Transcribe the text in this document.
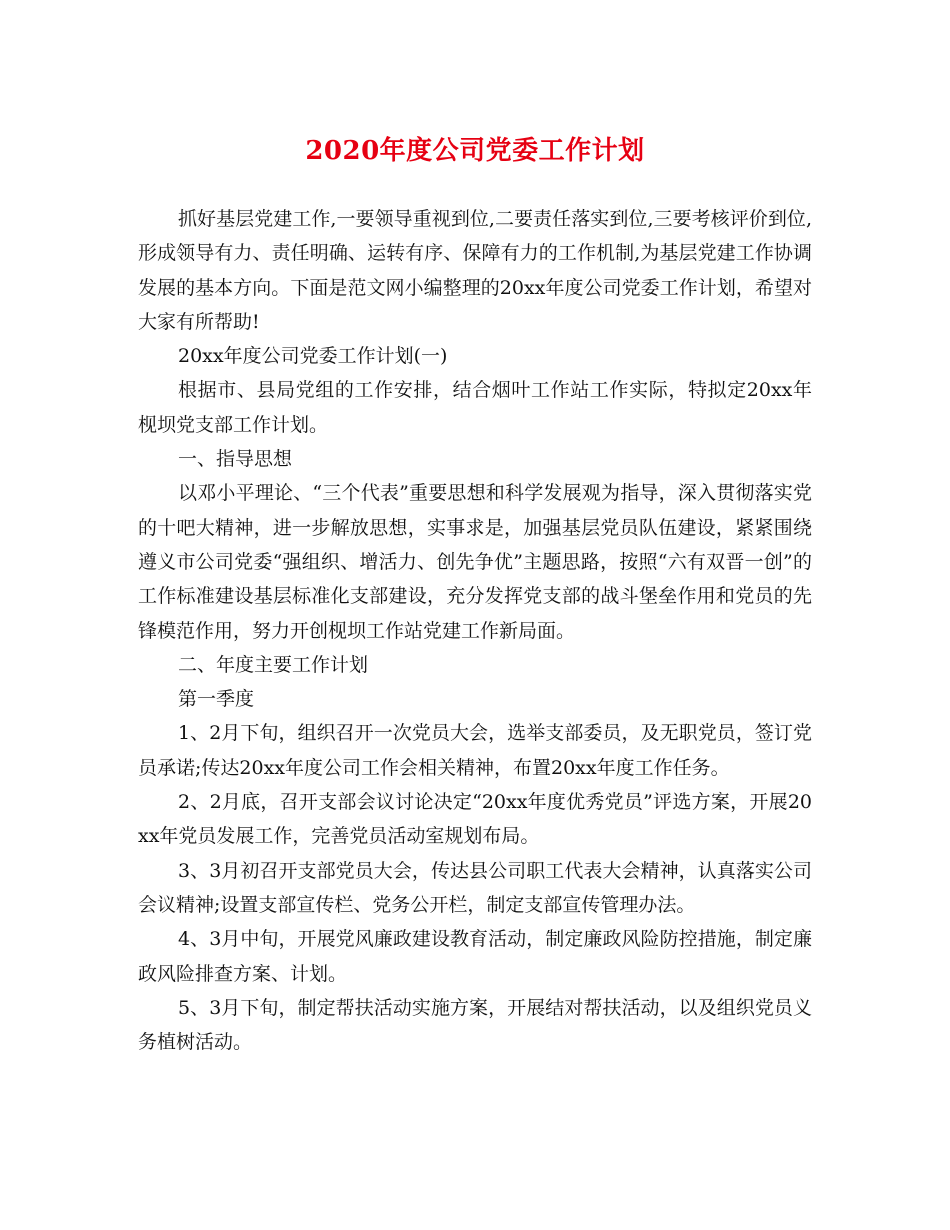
2020年度公司党委工作计划

抓好基层党建工作,一要领导重视到位,二要责任落实到位,三要考核评价到位,形成领导有力、责任明确、运转有序、保障有力的工作机制,为基层党建工作协调发展的基本方向。下面是范文网小编整理的20xx年度公司党委工作计划，希望对大家有所帮助!

20xx年度公司党委工作计划(一)

根据市、县局党组的工作安排，结合烟叶工作站工作实际，特拟定20xx年枧坝党支部工作计划。

一、指导思想

以邓小平理论、“三个代表”重要思想和科学发展观为指导，深入贯彻落实党的十吧大精神，进一步解放思想，实事求是，加强基层党员队伍建设，紧紧围绕遵义市公司党委“强组织、增活力、创先争优”主题思路，按照“六有双晋一创”的工作标准建设基层标准化支部建设，充分发挥党支部的战斗堡垒作用和党员的先锋模范作用，努力开创枧坝工作站党建工作新局面。

二、年度主要工作计划

第一季度

1、2月下旬，组织召开一次党员大会，选举支部委员，及无职党员，签订党员承诺;传达20xx年度公司工作会相关精神，布置20xx年度工作任务。

2、2月底，召开支部会议讨论决定“20xx年度优秀党员”评选方案，开展20xx年党员发展工作，完善党员活动室规划布局。

3、3月初召开支部党员大会，传达县公司职工代表大会精神，认真落实公司会议精神;设置支部宣传栏、党务公开栏，制定支部宣传管理办法。

4、3月中旬，开展党风廉政建设教育活动，制定廉政风险防控措施，制定廉政风险排查方案、计划。

5、3月下旬，制定帮扶活动实施方案，开展结对帮扶活动，以及组织党员义务植树活动。
